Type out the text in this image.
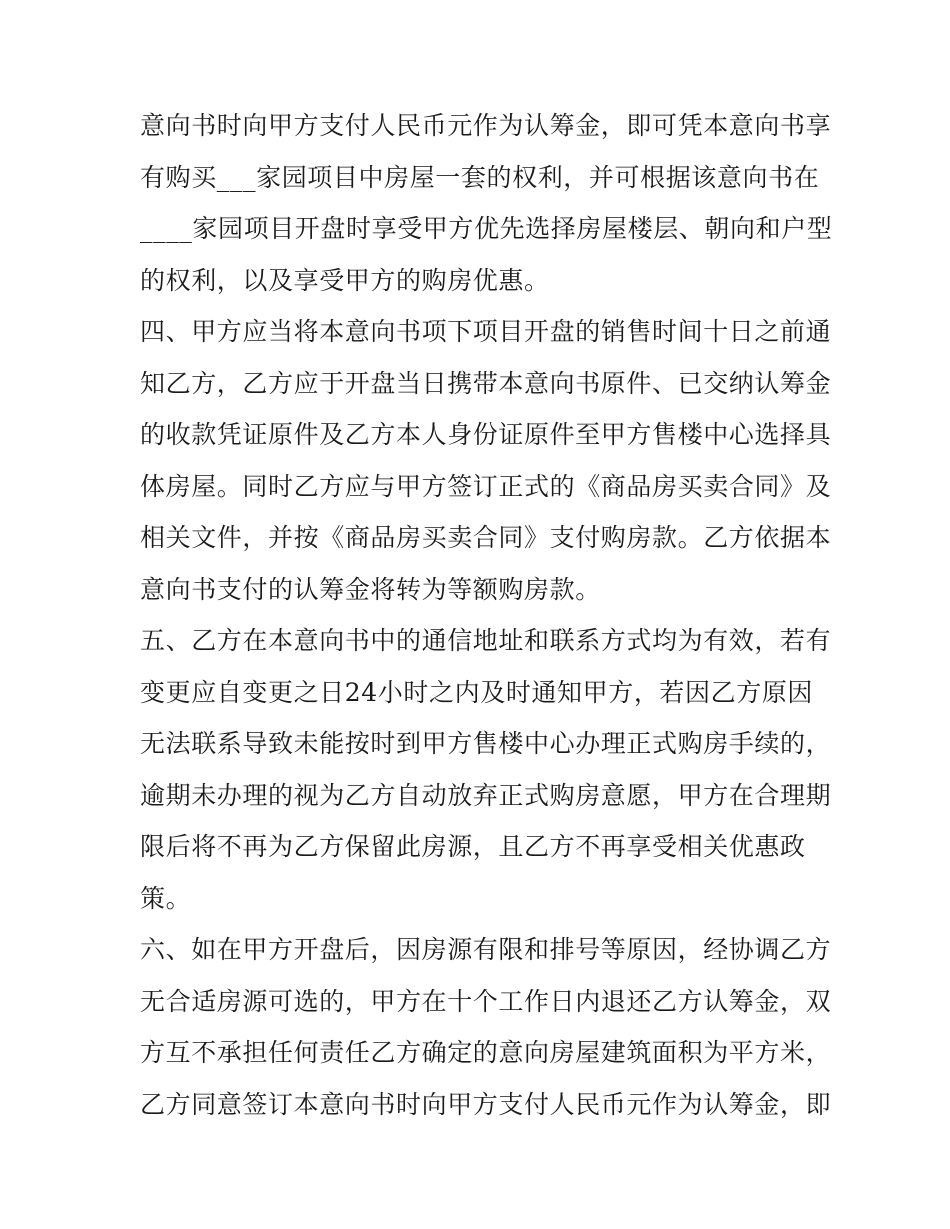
意向书时向甲方支付人民币元作为认筹金，即可凭本意向书享
有购买___家园项目中房屋一套的权利，并可根据该意向书在
____家园项目开盘时享受甲方优先选择房屋楼层、朝向和户型
的权利，以及享受甲方的购房优惠。
四、甲方应当将本意向书项下项目开盘的销售时间十日之前通
知乙方，乙方应于开盘当日携带本意向书原件、已交纳认筹金
的收款凭证原件及乙方本人身份证原件至甲方售楼中心选择具
体房屋。同时乙方应与甲方签订正式的《商品房买卖合同》及
相关文件，并按《商品房买卖合同》支付购房款。乙方依据本
意向书支付的认筹金将转为等额购房款。
五、乙方在本意向书中的通信地址和联系方式均为有效，若有
变更应自变更之日24小时之内及时通知甲方，若因乙方原因
无法联系导致未能按时到甲方售楼中心办理正式购房手续的，
逾期未办理的视为乙方自动放弃正式购房意愿，甲方在合理期
限后将不再为乙方保留此房源，且乙方不再享受相关优惠政
策。
六、如在甲方开盘后，因房源有限和排号等原因，经协调乙方
无合适房源可选的，甲方在十个工作日内退还乙方认筹金，双
方互不承担任何责任乙方确定的意向房屋建筑面积为平方米，
乙方同意签订本意向书时向甲方支付人民币元作为认筹金，即
